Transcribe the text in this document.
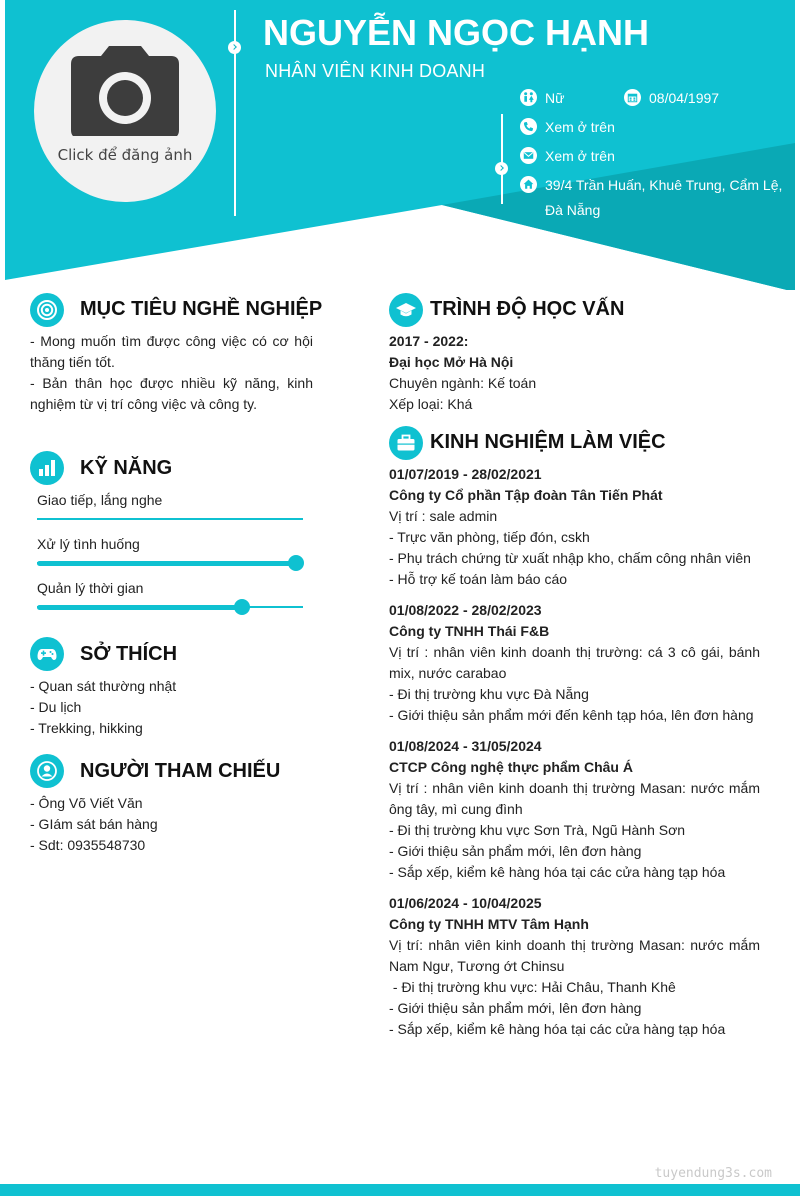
Click để đăng ảnh
NGUYỄN NGỌC HẠNH
NHÂN VIÊN KINH DOANH
Nữ	08/04/1997
Xem ở trên
Xem ở trên
39/4 Trần Huấn, Khuê Trung, Cẩm Lệ,
Đà Nẵng
MỤC TIÊU NGHỀ NGHIỆP
- Mong muốn tìm được công việc có cơ hội thăng tiến tốt.
- Bản thân học được nhiều kỹ năng, kinh nghiệm từ vị trí công việc và công ty.
KỸ NĂNG
Giao tiếp, lắng nghe
Xử lý tình huống
Quản lý thời gian
SỞ THÍCH
- Quan sát thường nhật
- Du lịch
- Trekking, hikking
NGƯỜI THAM CHIẾU
- Ông Võ Viết Văn
- GIám sát bán hàng
- Sdt: 0935548730
TRÌNH ĐỘ HỌC VẤN
2017 - 2022:
Đại học Mở Hà Nội
Chuyên ngành: Kế toán
Xếp loại: Khá
KINH NGHIỆM LÀM VIỆC
01/07/2019 - 28/02/2021
Công ty Cổ phần Tập đoàn Tân Tiến Phát
Vị trí : sale admin
- Trực văn phòng, tiếp đón, cskh
- Phụ trách chứng từ xuất nhập kho, chấm công nhân viên
- Hỗ trợ kế toán làm báo cáo
01/08/2022 - 28/02/2023
Công ty TNHH Thái F&B
Vị trí : nhân viên kinh doanh thị trường: cá 3 cô gái, bánh mix, nước carabao
- Đi thị trường khu vực Đà Nẵng
- Giới thiệu sản phẩm mới đến kênh tạp hóa, lên đơn hàng
01/08/2024 - 31/05/2024
CTCP Công nghệ thực phẩm Châu Á
Vị trí : nhân viên kinh doanh thị trường Masan: nước mắm ông tây, mì cung đình
- Đi thị trường khu vực Sơn Trà, Ngũ Hành Sơn
- Giới thiệu sản phẩm mới, lên đơn hàng
- Sắp xếp, kiểm kê hàng hóa tại các cửa hàng tạp hóa
01/06/2024 - 10/04/2025
Công ty TNHH MTV Tâm Hạnh
Vị trí: nhân viên kinh doanh thị trường Masan: nước mắm Nam Ngư, Tương ớt Chinsu
- Đi thị trường khu vực: Hải Châu, Thanh Khê
- Giới thiệu sản phẩm mới, lên đơn hàng
- Sắp xếp, kiểm kê hàng hóa tại các cửa hàng tạp hóa
tuyendung3s.com
